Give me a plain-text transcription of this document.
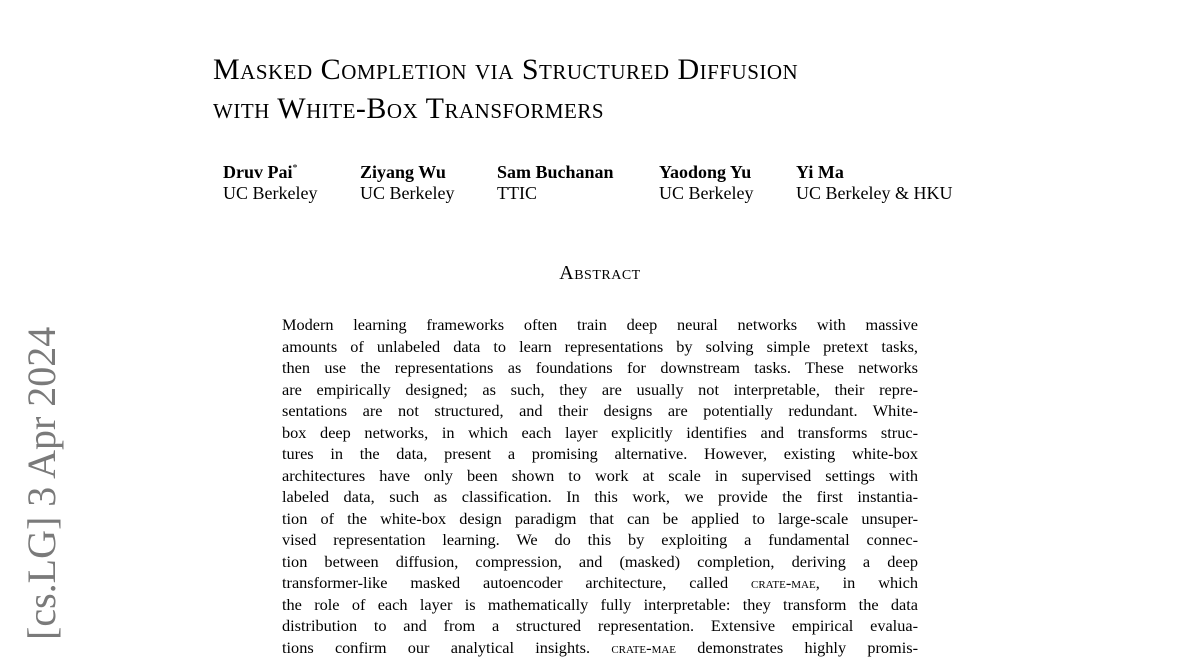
[cs.LG] 3 Apr 2024
Masked Completion via Structured Diffusion
with White-Box Transformers
Druv Pai*
UC Berkeley
Ziyang Wu
UC Berkeley
Sam Buchanan
TTIC
Yaodong Yu
UC Berkeley
Yi Ma
UC Berkeley & HKU
Abstract
Modern learning frameworks often train deep neural networks with massive
amounts of unlabeled data to learn representations by solving simple pretext tasks,
then use the representations as foundations for downstream tasks. These networks
are empirically designed; as such, they are usually not interpretable, their repre-
sentations are not structured, and their designs are potentially redundant. White-
box deep networks, in which each layer explicitly identifies and transforms struc-
tures in the data, present a promising alternative. However, existing white-box
architectures have only been shown to work at scale in supervised settings with
labeled data, such as classification. In this work, we provide the first instantia-
tion of the white-box design paradigm that can be applied to large-scale unsuper-
vised representation learning. We do this by exploiting a fundamental connec-
tion between diffusion, compression, and (masked) completion, deriving a deep
transformer-like masked autoencoder architecture, called crate-mae, in which
the role of each layer is mathematically fully interpretable: they transform the data
distribution to and from a structured representation. Extensive empirical evalua-
tions confirm our analytical insights. crate-mae demonstrates highly promis-
